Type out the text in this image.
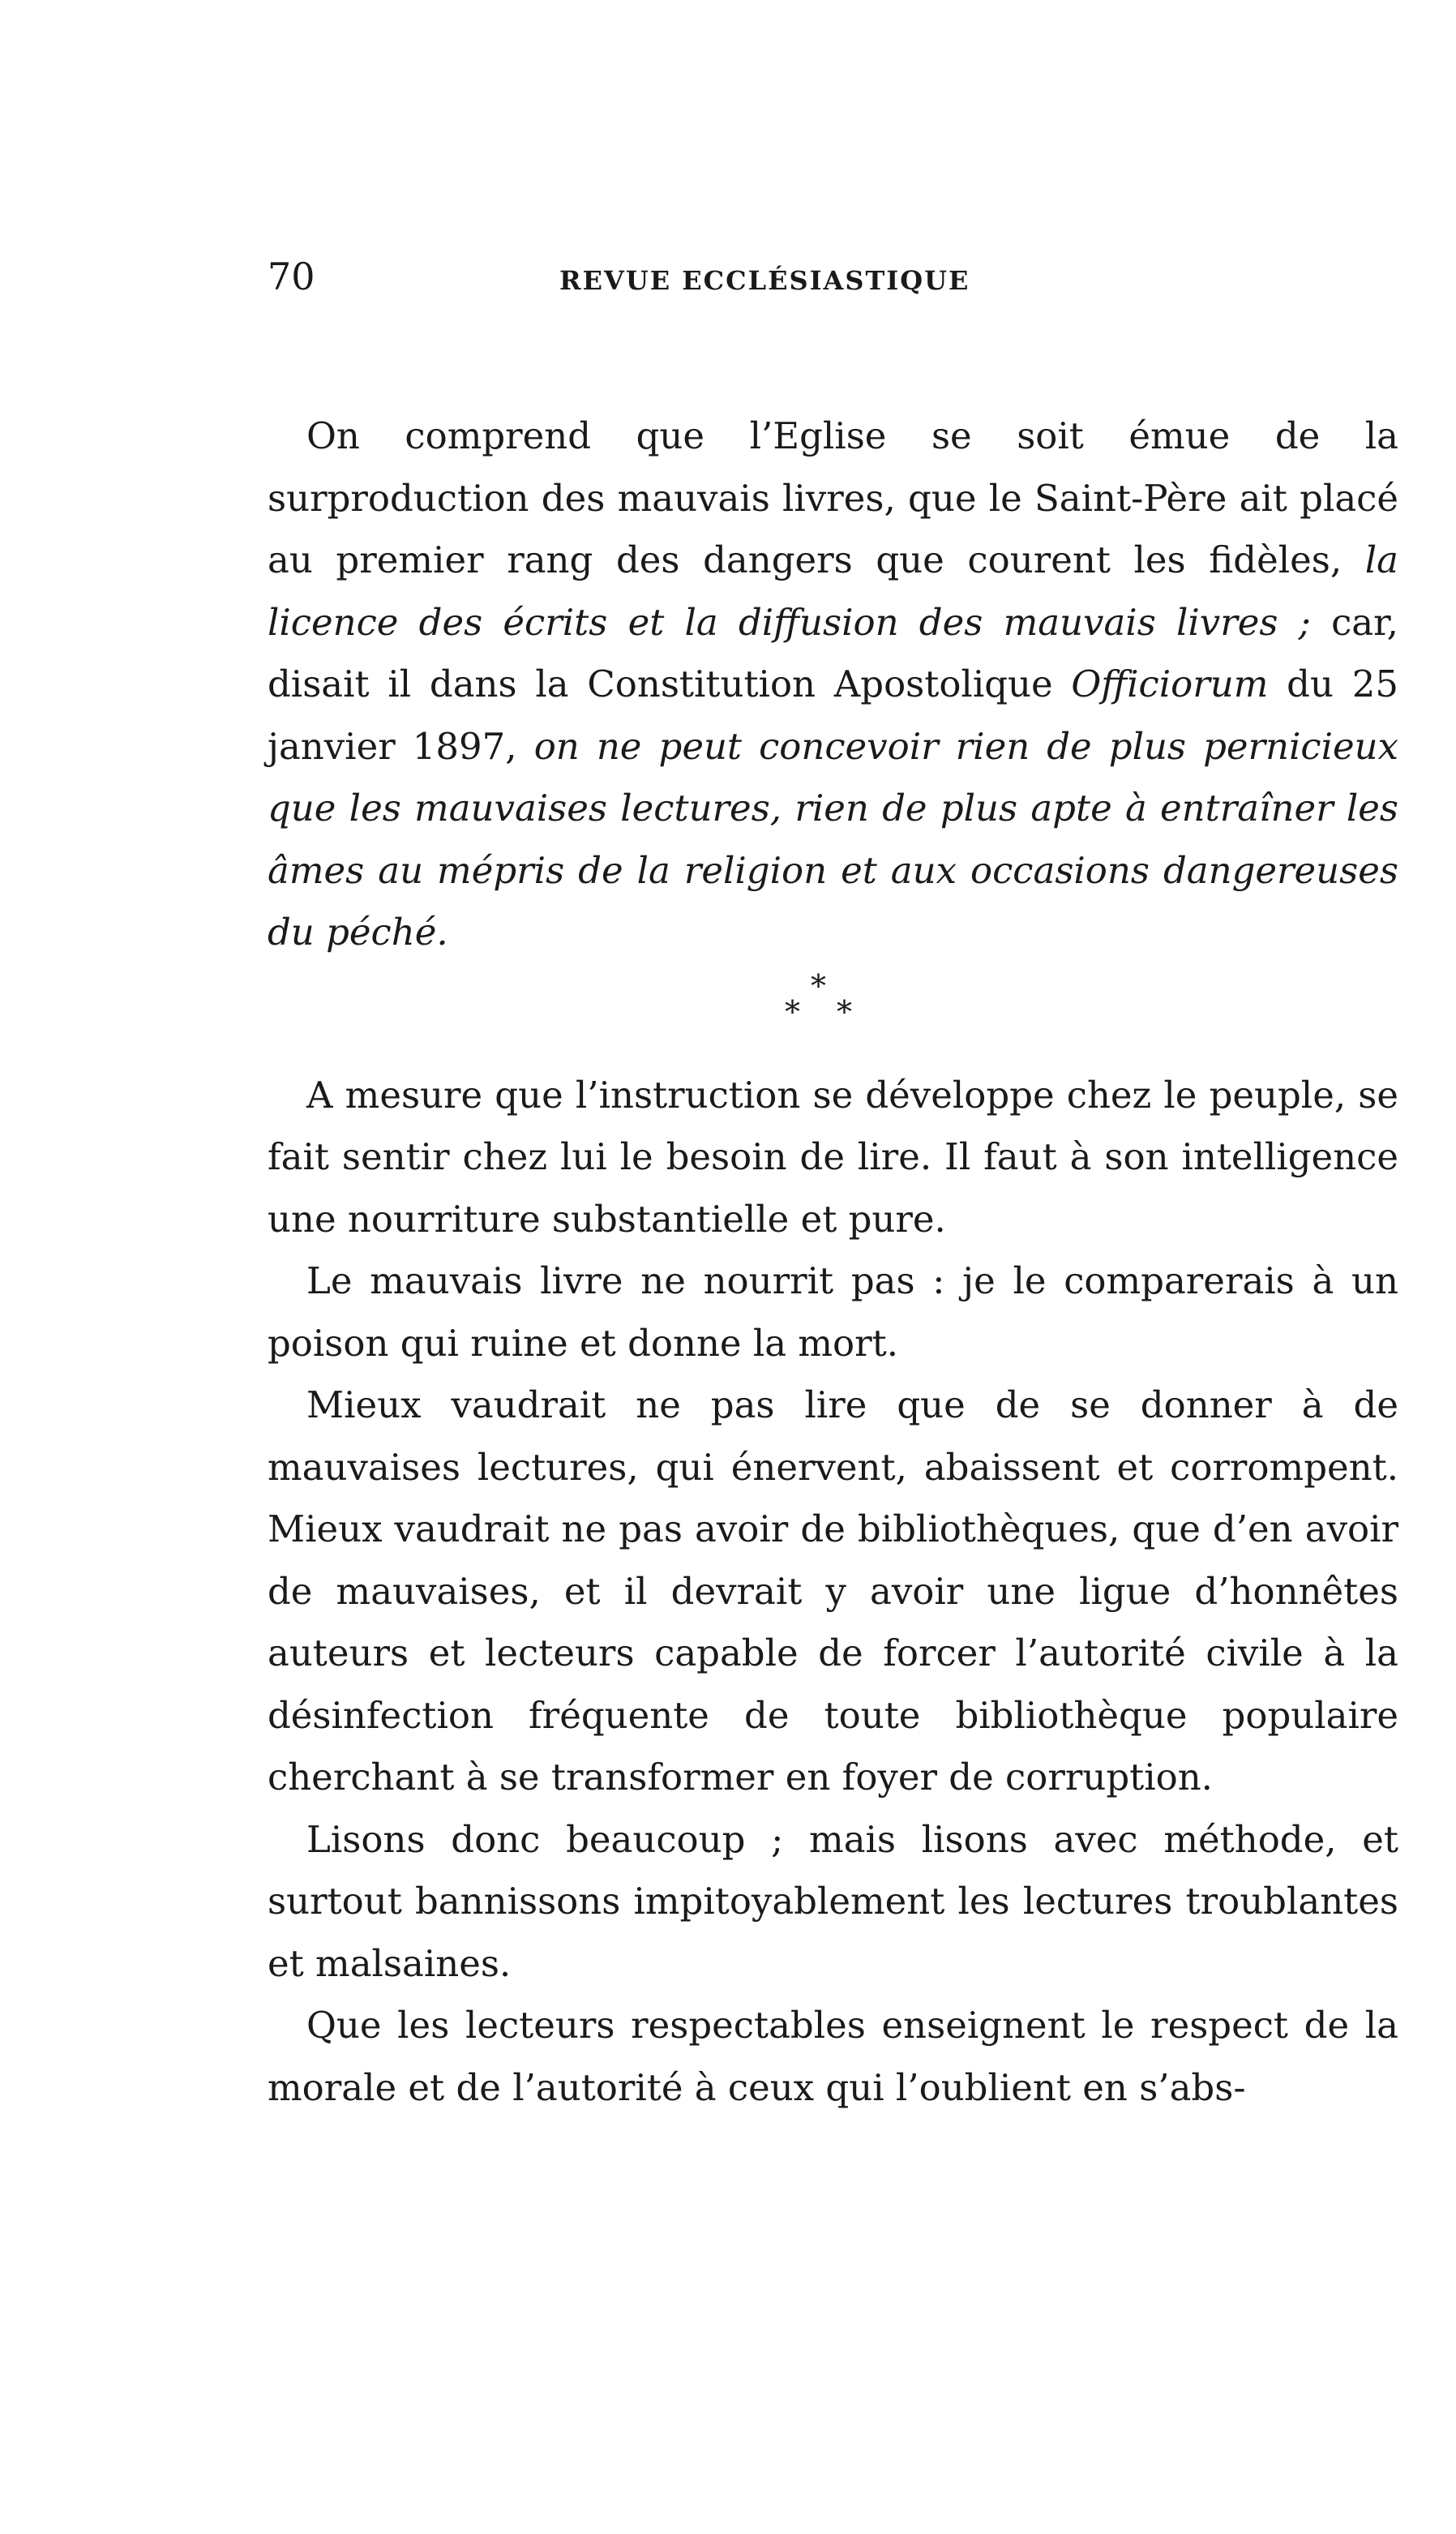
70	REVUE ECCLÉSIASTIQUE

On comprend que l’Eglise se soit émue de la surproduction des mauvais livres, que le Saint-Père ait placé au premier rang des dangers que courent les fidèles, la licence des écrits et la diffusion des mauvais livres ; car, disait il dans la Constitution Apostolique Officiorum du 25 janvier 1897, on ne peut concevoir rien de plus pernicieux que les mauvaises lectures, rien de plus apte à entraîner les âmes au mépris de la religion et aux occasions dangereuses du péché.

*
* *

A mesure que l’instruction se développe chez le peuple, se fait sentir chez lui le besoin de lire. Il faut à son intelligence une nourriture substantielle et pure.

Le mauvais livre ne nourrit pas : je le comparerais à un poison qui ruine et donne la mort.

Mieux vaudrait ne pas lire que de se donner à de mauvaises lectures, qui énervent, abaissent et corrompent. Mieux vaudrait ne pas avoir de bibliothèques, que d’en avoir de mauvaises, et il devrait y avoir une ligue d’honnêtes auteurs et lecteurs capable de forcer l’autorité civile à la désinfection fréquente de toute bibliothèque populaire cherchant à se transformer en foyer de corruption.

Lisons donc beaucoup ; mais lisons avec méthode, et surtout bannissons impitoyablement les lectures troublantes et malsaines.

Que les lecteurs respectables enseignent le respect de la morale et de l’autorité à ceux qui l’oublient en s’abs-
